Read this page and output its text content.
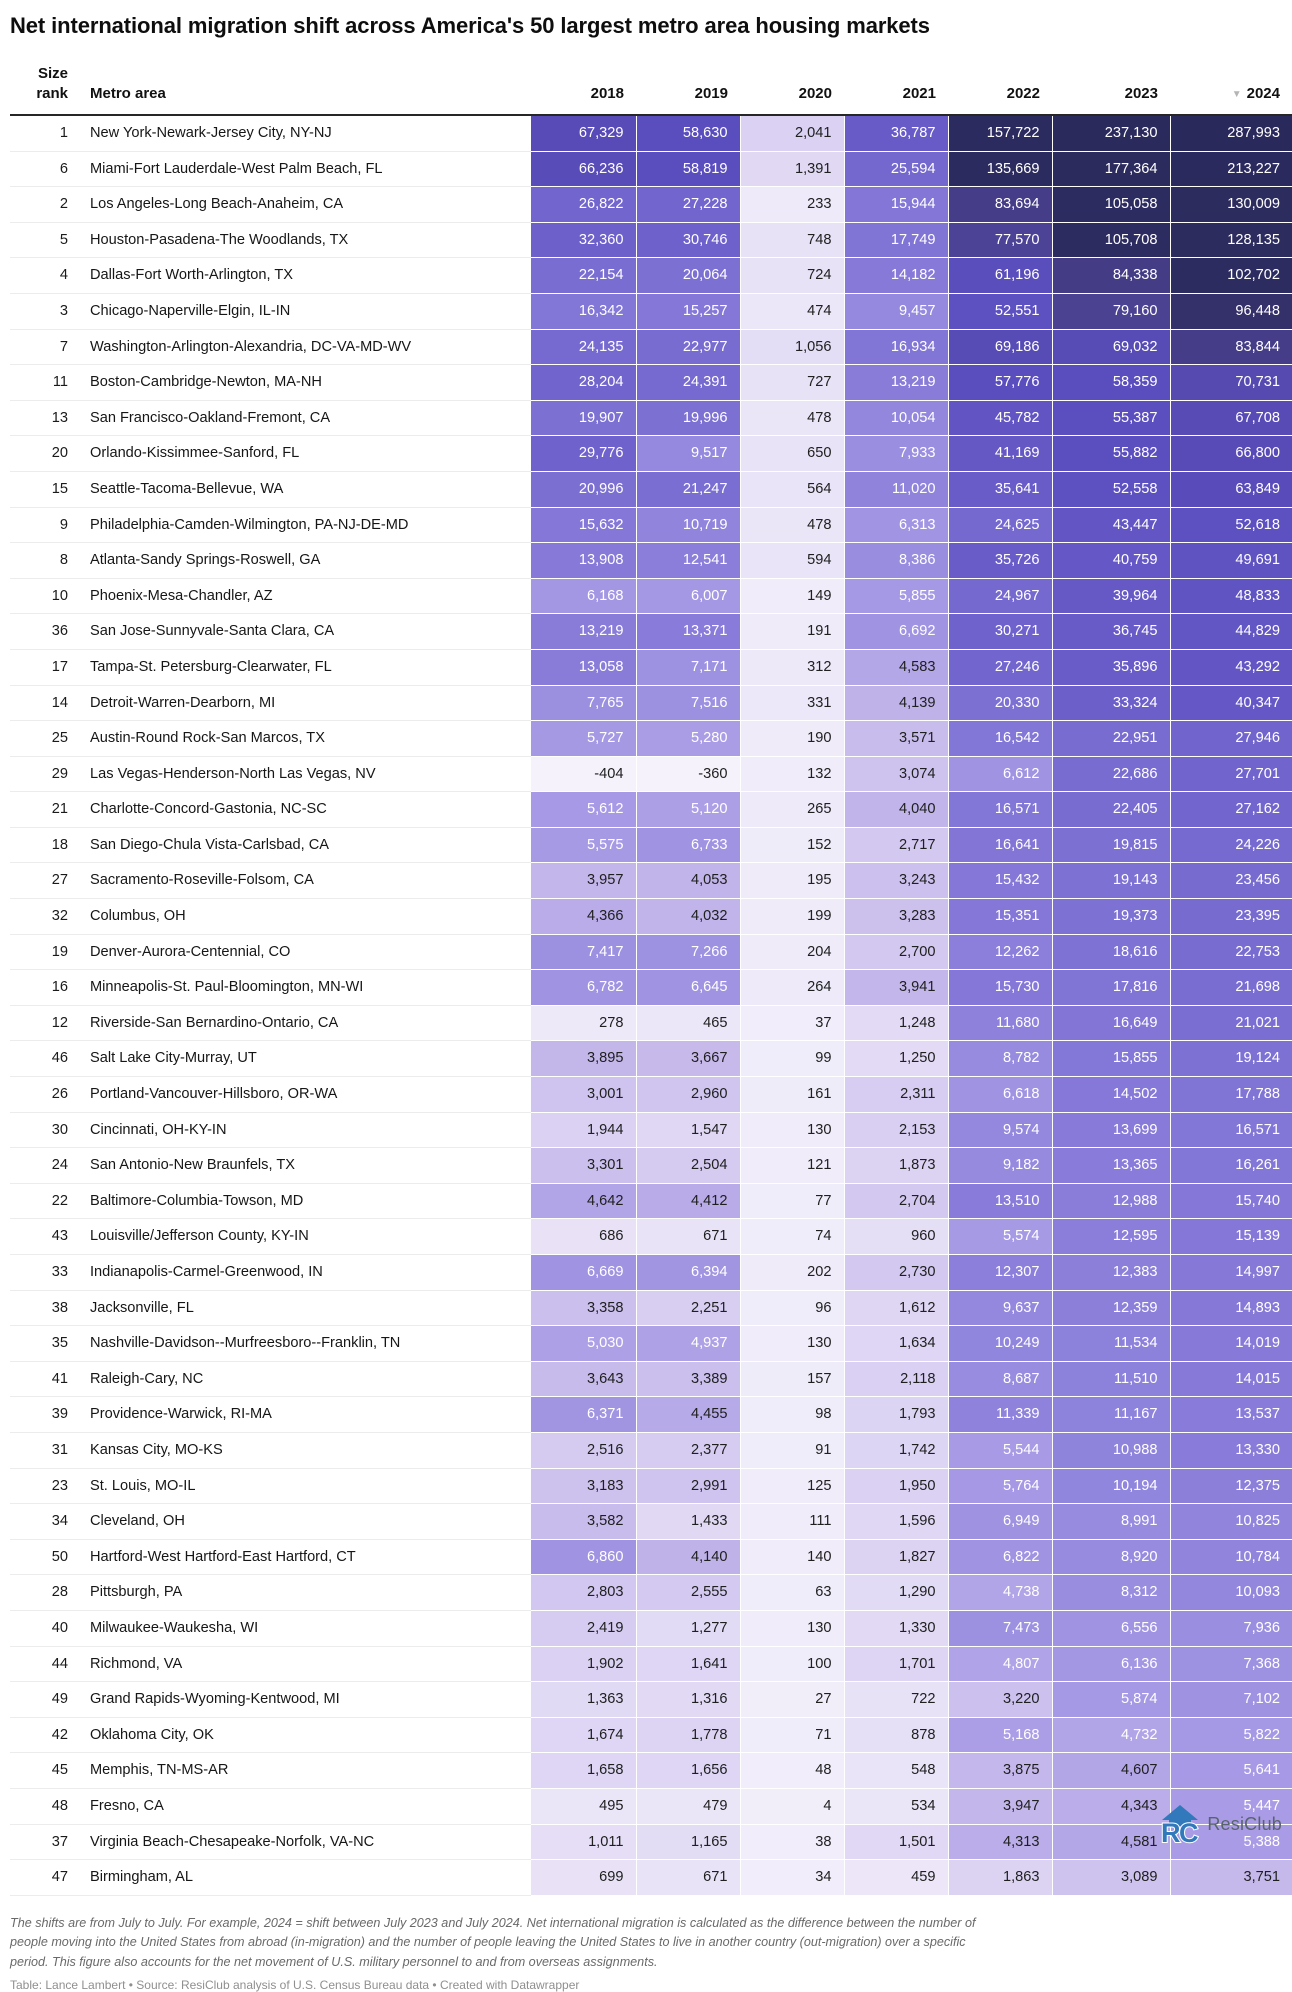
Net international migration shift across America's 50 largest metro area housing markets
Size
rank	Metro area	2018	2019	2020	2021	2022	2023	▼ 2024
1	New York-Newark-Jersey City, NY-NJ	67,329	58,630	2,041	36,787	157,722	237,130	287,993
6	Miami-Fort Lauderdale-West Palm Beach, FL	66,236	58,819	1,391	25,594	135,669	177,364	213,227
2	Los Angeles-Long Beach-Anaheim, CA	26,822	27,228	233	15,944	83,694	105,058	130,009
5	Houston-Pasadena-The Woodlands, TX	32,360	30,746	748	17,749	77,570	105,708	128,135
4	Dallas-Fort Worth-Arlington, TX	22,154	20,064	724	14,182	61,196	84,338	102,702
3	Chicago-Naperville-Elgin, IL-IN	16,342	15,257	474	9,457	52,551	79,160	96,448
7	Washington-Arlington-Alexandria, DC-VA-MD-WV	24,135	22,977	1,056	16,934	69,186	69,032	83,844
11	Boston-Cambridge-Newton, MA-NH	28,204	24,391	727	13,219	57,776	58,359	70,731
13	San Francisco-Oakland-Fremont, CA	19,907	19,996	478	10,054	45,782	55,387	67,708
20	Orlando-Kissimmee-Sanford, FL	29,776	9,517	650	7,933	41,169	55,882	66,800
15	Seattle-Tacoma-Bellevue, WA	20,996	21,247	564	11,020	35,641	52,558	63,849
9	Philadelphia-Camden-Wilmington, PA-NJ-DE-MD	15,632	10,719	478	6,313	24,625	43,447	52,618
8	Atlanta-Sandy Springs-Roswell, GA	13,908	12,541	594	8,386	35,726	40,759	49,691
10	Phoenix-Mesa-Chandler, AZ	6,168	6,007	149	5,855	24,967	39,964	48,833
36	San Jose-Sunnyvale-Santa Clara, CA	13,219	13,371	191	6,692	30,271	36,745	44,829
17	Tampa-St. Petersburg-Clearwater, FL	13,058	7,171	312	4,583	27,246	35,896	43,292
14	Detroit-Warren-Dearborn, MI	7,765	7,516	331	4,139	20,330	33,324	40,347
25	Austin-Round Rock-San Marcos, TX	5,727	5,280	190	3,571	16,542	22,951	27,946
29	Las Vegas-Henderson-North Las Vegas, NV	-404	-360	132	3,074	6,612	22,686	27,701
21	Charlotte-Concord-Gastonia, NC-SC	5,612	5,120	265	4,040	16,571	22,405	27,162
18	San Diego-Chula Vista-Carlsbad, CA	5,575	6,733	152	2,717	16,641	19,815	24,226
27	Sacramento-Roseville-Folsom, CA	3,957	4,053	195	3,243	15,432	19,143	23,456
32	Columbus, OH	4,366	4,032	199	3,283	15,351	19,373	23,395
19	Denver-Aurora-Centennial, CO	7,417	7,266	204	2,700	12,262	18,616	22,753
16	Minneapolis-St. Paul-Bloomington, MN-WI	6,782	6,645	264	3,941	15,730	17,816	21,698
12	Riverside-San Bernardino-Ontario, CA	278	465	37	1,248	11,680	16,649	21,021
46	Salt Lake City-Murray, UT	3,895	3,667	99	1,250	8,782	15,855	19,124
26	Portland-Vancouver-Hillsboro, OR-WA	3,001	2,960	161	2,311	6,618	14,502	17,788
30	Cincinnati, OH-KY-IN	1,944	1,547	130	2,153	9,574	13,699	16,571
24	San Antonio-New Braunfels, TX	3,301	2,504	121	1,873	9,182	13,365	16,261
22	Baltimore-Columbia-Towson, MD	4,642	4,412	77	2,704	13,510	12,988	15,740
43	Louisville/Jefferson County, KY-IN	686	671	74	960	5,574	12,595	15,139
33	Indianapolis-Carmel-Greenwood, IN	6,669	6,394	202	2,730	12,307	12,383	14,997
38	Jacksonville, FL	3,358	2,251	96	1,612	9,637	12,359	14,893
35	Nashville-Davidson--Murfreesboro--Franklin, TN	5,030	4,937	130	1,634	10,249	11,534	14,019
41	Raleigh-Cary, NC	3,643	3,389	157	2,118	8,687	11,510	14,015
39	Providence-Warwick, RI-MA	6,371	4,455	98	1,793	11,339	11,167	13,537
31	Kansas City, MO-KS	2,516	2,377	91	1,742	5,544	10,988	13,330
23	St. Louis, MO-IL	3,183	2,991	125	1,950	5,764	10,194	12,375
34	Cleveland, OH	3,582	1,433	111	1,596	6,949	8,991	10,825
50	Hartford-West Hartford-East Hartford, CT	6,860	4,140	140	1,827	6,822	8,920	10,784
28	Pittsburgh, PA	2,803	2,555	63	1,290	4,738	8,312	10,093
40	Milwaukee-Waukesha, WI	2,419	1,277	130	1,330	7,473	6,556	7,936
44	Richmond, VA	1,902	1,641	100	1,701	4,807	6,136	7,368
49	Grand Rapids-Wyoming-Kentwood, MI	1,363	1,316	27	722	3,220	5,874	7,102
42	Oklahoma City, OK	1,674	1,778	71	878	5,168	4,732	5,822
45	Memphis, TN-MS-AR	1,658	1,656	48	548	3,875	4,607	5,641
48	Fresno, CA	495	479	4	534	3,947	4,343	5,447
37	Virginia Beach-Chesapeake-Norfolk, VA-NC	1,011	1,165	38	1,501	4,313	4,581	5,388
47	Birmingham, AL	699	671	34	459	1,863	3,089	3,751

The shifts are from July to July. For example, 2024 = shift between July 2023 and July 2024. Net international migration is calculated as the difference between the number of people moving into the United States from abroad (in-migration) and the number of people leaving the United States to live in another country (out-migration) over a specific period. This figure also accounts for the net movement of U.S. military personnel to and from overseas assignments.

Table: Lance Lambert • Source: ResiClub analysis of U.S. Census Bureau data • Created with Datawrapper

R
C ResiClub
